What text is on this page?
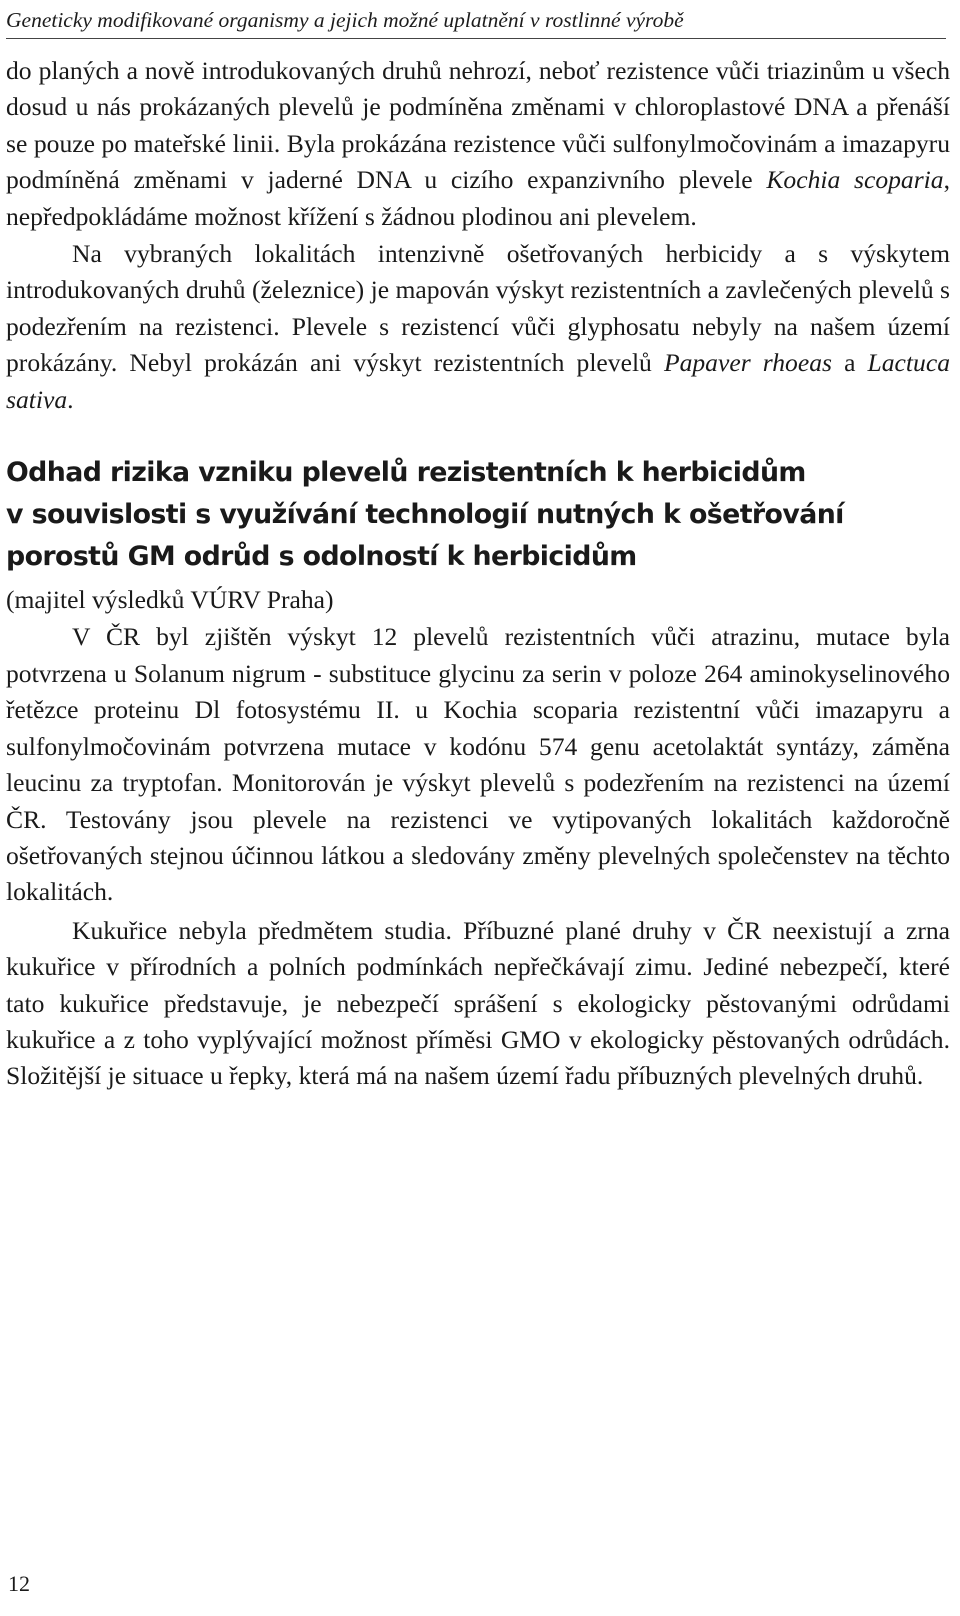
Geneticky modifikované organismy a jejich možné uplatnění v rostlinné výrobě

do planých a nově introdukovaných druhů nehrozí, neboť rezistence vůči triazinům u všech dosud u nás prokázaných plevelů je podmíněna změnami v chloroplastové DNA a přenáší se pouze po mateřské linii. Byla prokázána rezistence vůči sulfonylmočovinám a imazapyru podmíněná změnami v jaderné DNA u cizího expanzivního plevele Kochia scoparia, nepředpokládáme možnost křížení s žádnou plodinou ani plevelem.

Na vybraných lokalitách intenzivně ošetřovaných herbicidy a s výskytem introdukovaných druhů (železnice) je mapován výskyt rezistentních a zavlečených plevelů s podezřením na rezistenci. Plevele s rezistencí vůči glyphosatu nebyly na našem území prokázány. Nebyl prokázán ani výskyt rezistentních plevelů Papaver rhoeas a Lactuca sativa.

Odhad rizika vzniku plevelů rezistentních k herbicidům
v souvislosti s využívání technologií nutných k ošetřování
porostů GM odrůd s odolností k herbicidům

(majitel výsledků VÚRV Praha)

V ČR byl zjištěn výskyt 12 plevelů rezistentních vůči atrazinu, mutace byla potvrzena u Solanum nigrum - substituce glycinu za serin v poloze 264 aminokyselinového řetězce proteinu Dl fotosystému II. u Kochia scoparia rezistentní vůči imazapyru a sulfonylmočovinám potvrzena mutace v kodónu 574 genu acetolaktát syntázy, záměna leucinu za tryptofan. Monitorován je výskyt plevelů s podezřením na rezistenci na území ČR. Testovány jsou plevele na rezistenci ve vytipovaných lokalitách každoročně ošetřovaných stejnou účinnou látkou a sledovány změny plevelných společenstev na těchto lokalitách.

Kukuřice nebyla předmětem studia. Příbuzné plané druhy v ČR neexistují a zrna kukuřice v přírodních a polních podmínkách nepřečkávají zimu. Jediné nebezpečí, které tato kukuřice představuje, je nebezpečí sprášení s ekologicky pěstovanými odrůdami kukuřice a z toho vyplývající možnost příměsi GMO v ekologicky pěstovaných odrůdách. Složitější je situace u řepky, která má na našem území řadu příbuzných plevelných druhů.

12
